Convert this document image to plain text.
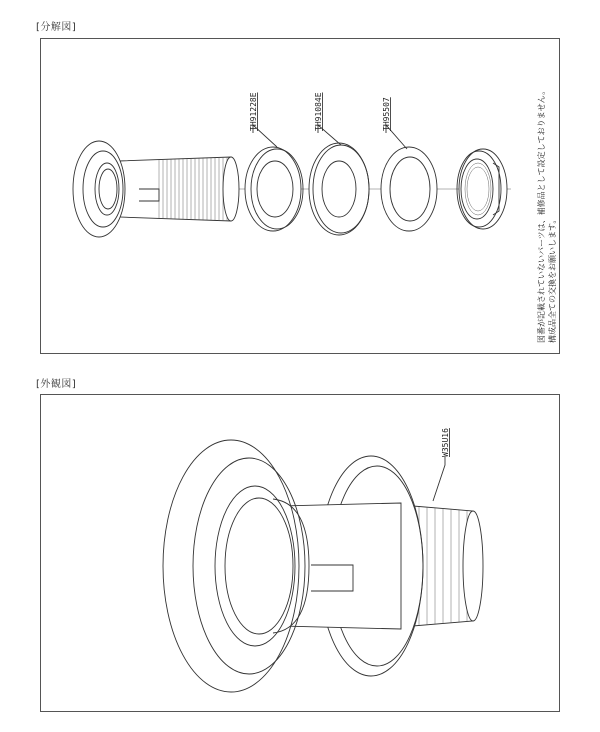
[分解図]
TH91228E	TH91084E	TH95507	図番が記載されていないパーツは、補修品として設定しておりません。 構成品全ての交換をお願いします。
[外観図]
W35U16
